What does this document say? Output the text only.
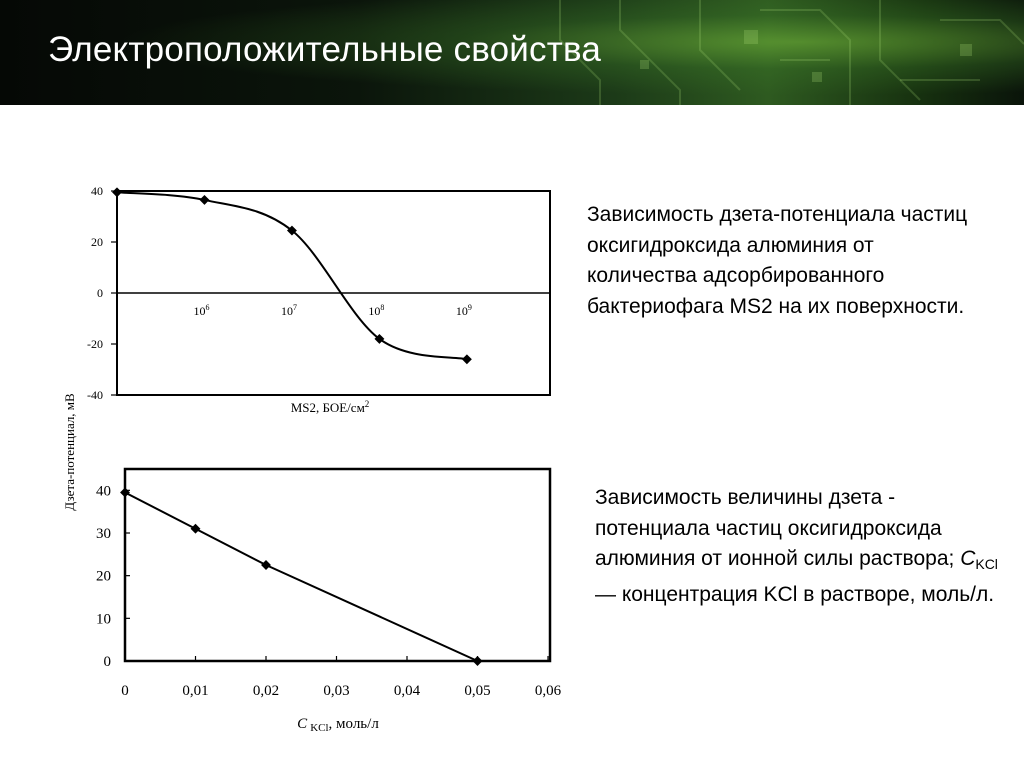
Электроположительные свойства
40
20
0
-20
-40
$10^6$	$10^7$	$10^8$	$10^9$
Дзета-потенциал, мВ	MS2, БОЕ/$см^2$
0
10
20
30
40
0	0,01	0,02	0,03	0,04	0,05	0,06
С $_{KCl}$, моль/л
Зависимость дзета-потенциала частиц оксигидроксида алюминия от количества адсорбированного бактериофага MS2 на их поверхности.
Зависимость величины дзета - потенциала частиц оксигидроксида алюминия от ионной силы раствора; $С_{KCl}$ — концентрация KCl в растворе, моль/л.
